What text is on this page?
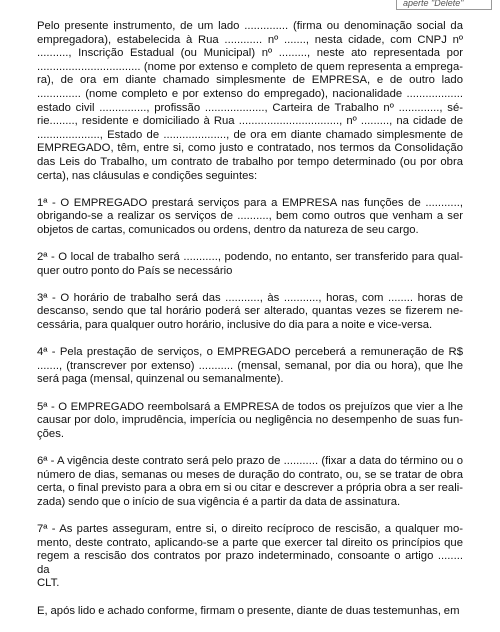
aperte "Delete"
Pelo presente instrumento, de um lado .............. (firma ou denominação social da
empregadora), estabelecida à Rua ............ nº ......., nesta cidade, com CNPJ nº
.........., Inscrição Estadual (ou Municipal) nº ........., neste ato representada por
................................. (nome por extenso e completo de quem representa a emprega-
ra), de ora em diante chamado simplesmente de EMPRESA, e de outro lado
.............. (nome completo e por extenso do empregado), nacionalidade ..................
estado civil ..............., profissão ..................., Carteira de Trabalho nº ............., sé-
rie........, residente e domiciliado à Rua ................................, nº ........., na cidade de
...................., Estado de ...................., de ora em diante chamado simplesmente de
EMPREGADO, têm, entre si, como justo e contratado, nos termos da Consolidação
das Leis do Trabalho, um contrato de trabalho por tempo determinado (ou por obra
certa), nas cláusulas e condições seguintes:
1ª - O EMPREGADO prestará serviços para a EMPRESA nas funções de ...........,
obrigando-se a realizar os serviços de .........., bem como outros que venham a ser
objetos de cartas, comunicados ou ordens, dentro da natureza de seu cargo.
2ª - O local de trabalho será ..........., podendo, no entanto, ser transferido para qual-
quer outro ponto do País se necessário
3ª - O horário de trabalho será das ..........., às ..........., horas, com ........ horas de
descanso, sendo que tal horário poderá ser alterado, quantas vezes se fizerem ne-
cessária, para qualquer outro horário, inclusive do dia para a noite e vice-versa.
4ª - Pela prestação de serviços, o EMPREGADO perceberá a remuneração de R$
......., (transcrever por extenso) ........... (mensal, semanal, por dia ou hora), que lhe
será paga (mensal, quinzenal ou semanalmente).
5ª - O EMPREGADO reembolsará a EMPRESA de todos os prejuízos que vier a lhe
causar por dolo, imprudência, imperícia ou negligência no desempenho de suas fun-
ções.
6ª - A vigência deste contrato será pelo prazo de ........... (fixar a data do término ou o
número de dias, semanas ou meses de duração do contrato, ou, se se tratar de obra
certa, o final previsto para a obra em si ou citar e descrever a própria obra a ser reali-
zada) sendo que o início de sua vigência é a partir da data de assinatura.
7ª - As partes asseguram, entre si, o direito recíproco de rescisão, a qualquer mo-
mento, deste contrato, aplicando-se a parte que exercer tal direito os princípios que
regem a rescisão dos contratos por prazo indeterminado, consoante o artigo ........
da
CLT.
E, após lido e achado conforme, firmam o presente, diante de duas testemunhas, em
